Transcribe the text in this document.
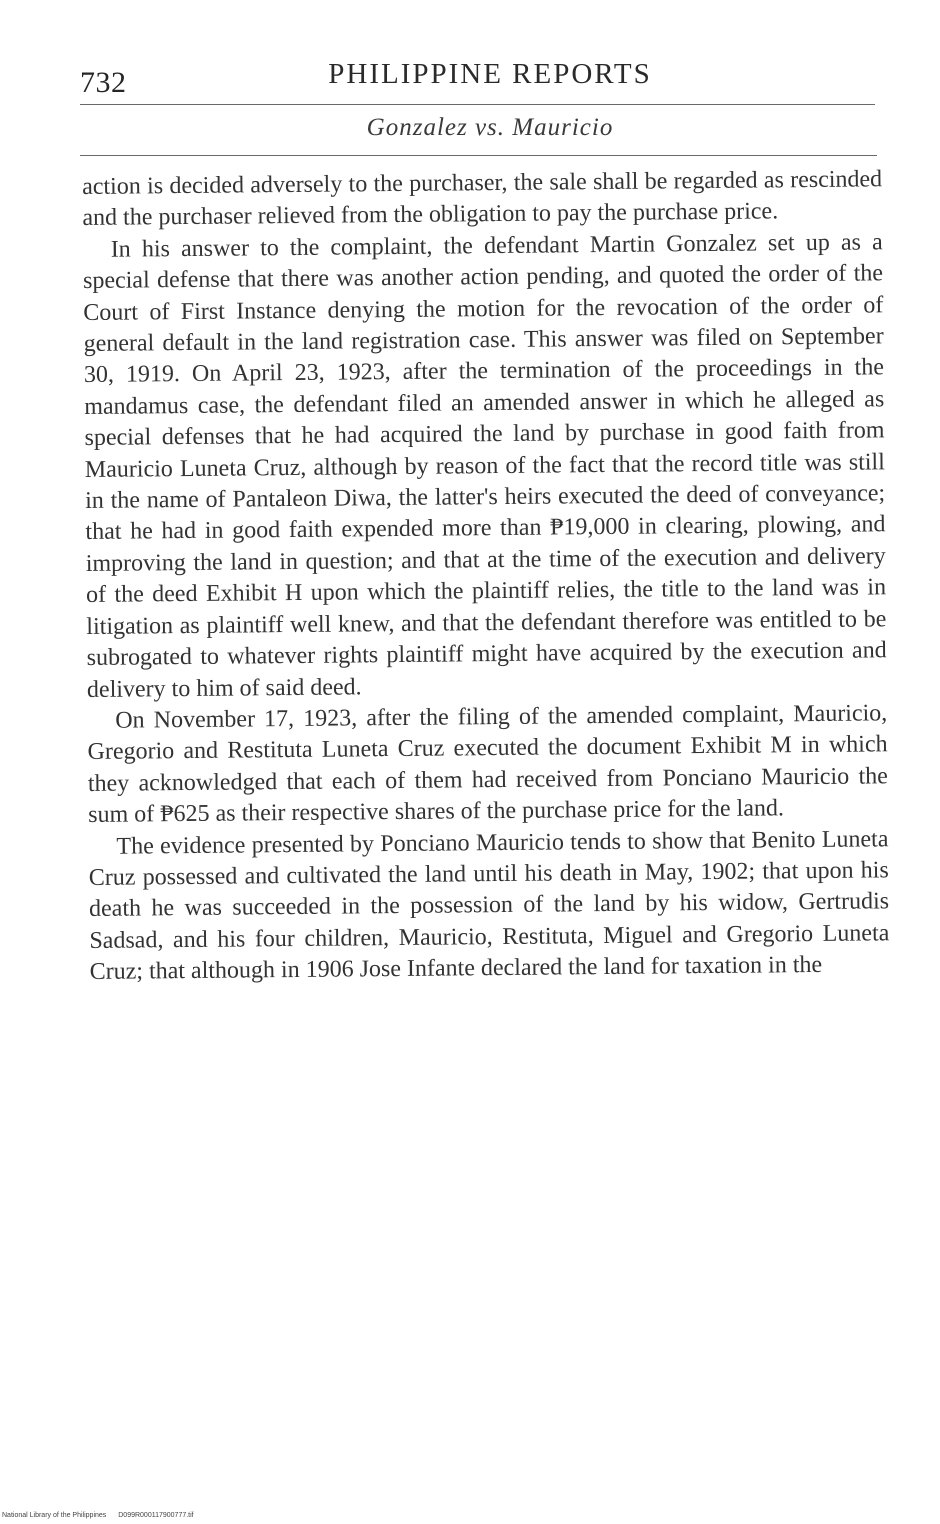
732	PHILIPPINE REPORTS
Gonzalez vs. Mauricio

action is decided adversely to the purchaser, the sale shall be regarded as rescinded and the purchaser relieved from the obligation to pay the purchase price.

In his answer to the complaint, the defendant Martin Gonzalez set up as a special defense that there was another action pending, and quoted the order of the Court of First Instance denying the motion for the revocation of the order of general default in the land registration case. This answer was filed on September 30, 1919. On April 23, 1923, after the termination of the proceedings in the mandamus case, the defendant filed an amended answer in which he alleged as special defenses that he had acquired the land by purchase in good faith from Mauricio Luneta Cruz, although by reason of the fact that the record title was still in the name of Pantaleon Diwa, the latter's heirs executed the deed of conveyance; that he had in good faith expended more than ₱19,000 in clearing, plowing, and improving the land in question; and that at the time of the execution and delivery of the deed Exhibit H upon which the plaintiff relies, the title to the land was in litigation as plaintiff well knew, and that the defendant therefore was entitled to be subrogated to whatever rights plaintiff might have acquired by the execution and delivery to him of said deed.

On November 17, 1923, after the filing of the amended complaint, Mauricio, Gregorio and Restituta Luneta Cruz executed the document Exhibit M in which they acknowledged that each of them had received from Ponciano Mauricio the sum of ₱625 as their respective shares of the purchase price for the land.

The evidence presented by Ponciano Mauricio tends to show that Benito Luneta Cruz possessed and cultivated the land until his death in May, 1902; that upon his death he was succeeded in the possession of the land by his widow, Gertrudis Sadsad, and his four children, Mauricio, Restituta, Miguel and Gregorio Luneta Cruz; that although in 1906 Jose Infante declared the land for taxation in the

National Library of the Philippines D099R000117900777.tif
